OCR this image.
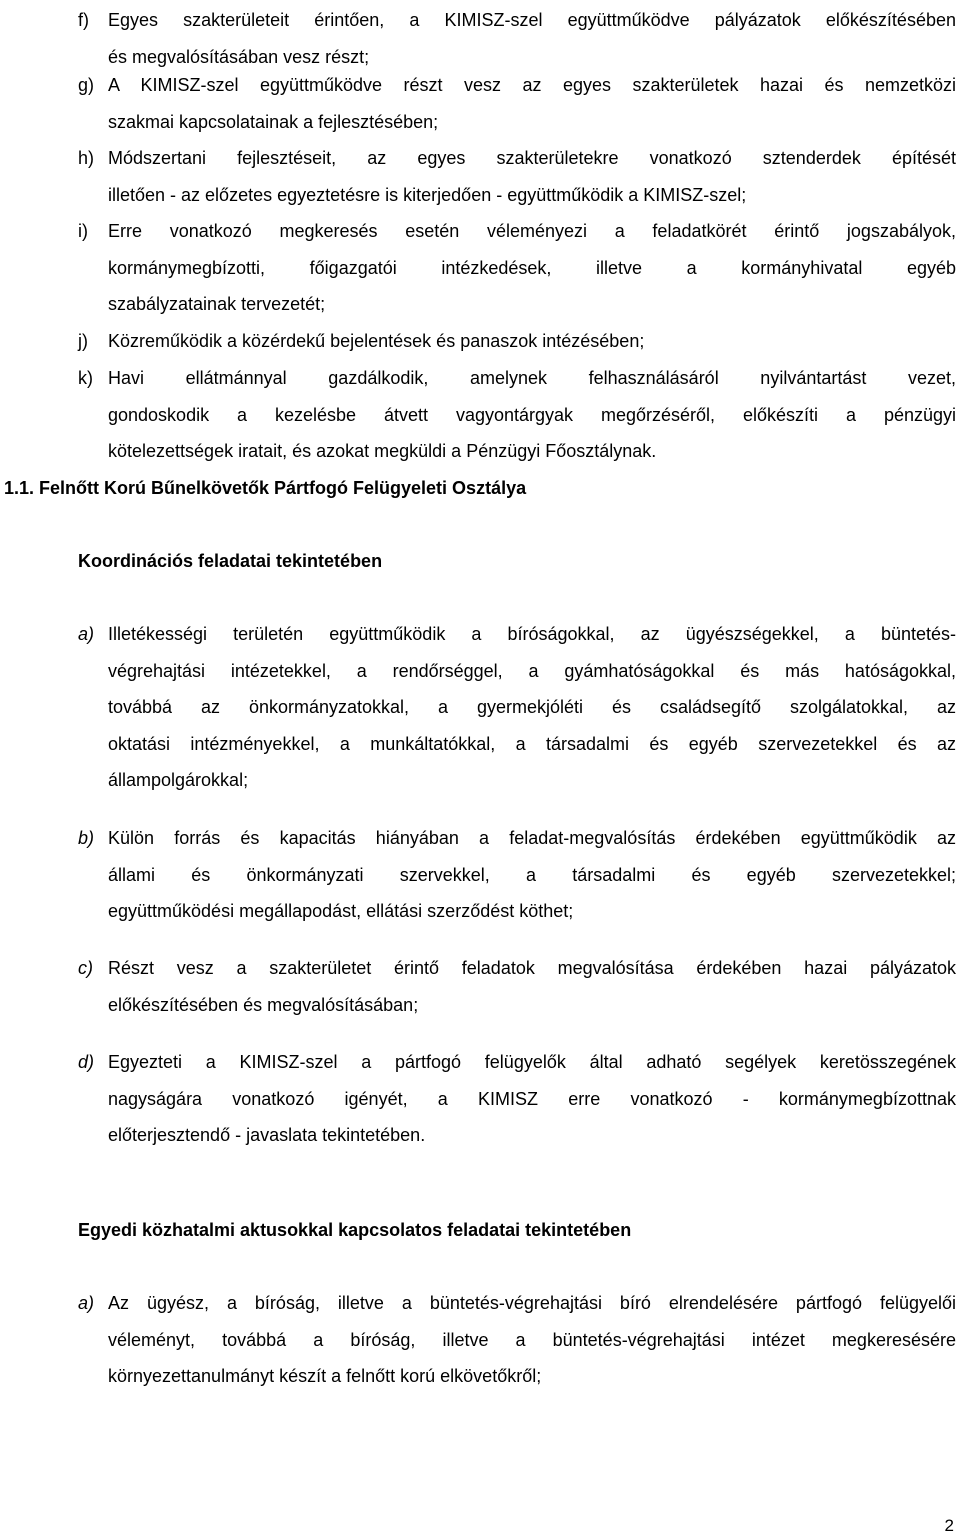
f)	Egyes szakterületeit érintően, a KIMISZ-szel együttműködve pályázatok előkészítésében
és megvalósításában vesz részt;
g) A KIMISZ-szel együttműködve részt vesz az egyes szakterületek hazai és nemzetközi
szakmai kapcsolatainak a fejlesztésében;
h) Módszertani fejlesztéseit, az egyes szakterületekre vonatkozó sztenderdek építését
illetően - az előzetes egyeztetésre is kiterjedően - együttműködik a KIMISZ-szel;
i)	Erre vonatkozó megkeresés esetén véleményezi a feladatkörét érintő jogszabályok,
kormánymegbízotti, főigazgatói intézkedések, illetve a kormányhivatal egyéb
szabályzatainak tervezetét;
j)	Közreműködik a közérdekű bejelentések és panaszok intézésében;
k) Havi ellátmánnyal gazdálkodik, amelynek felhasználásáról nyilvántartást vezet,
gondoskodik a kezelésbe átvett vagyontárgyak megőrzéséről, előkészíti a pénzügyi
kötelezettségek iratait, és azokat megküldi a Pénzügyi Főosztálynak.
1.1. Felnőtt Korú Bűnelkövetők Pártfogó Felügyeleti Osztálya
Koordinációs feladatai tekintetében
a) Illetékességi területén együttműködik a bíróságokkal, az ügyészségekkel, a büntetés-
végrehajtási intézetekkel, a rendőrséggel, a gyámhatóságokkal és más hatóságokkal,
továbbá az önkormányzatokkal, a gyermekjóléti és családsegítő szolgálatokkal, az
oktatási intézményekkel, a munkáltatókkal, a társadalmi és egyéb szervezetekkel és az
állampolgárokkal;
b) Külön forrás és kapacitás hiányában a feladat-megvalósítás érdekében együttműködik az
állami és önkormányzati szervekkel, a társadalmi és egyéb szervezetekkel;
együttműködési megállapodást, ellátási szerződést köthet;
c) Részt vesz a szakterületet érintő feladatok megvalósítása érdekében hazai pályázatok
előkészítésében és megvalósításában;
d) Egyezteti a KIMISZ-szel a pártfogó felügyelők által adható segélyek keretösszegének
nagyságára vonatkozó igényét, a KIMISZ erre vonatkozó - kormánymegbízottnak
előterjesztendő - javaslata tekintetében.
Egyedi közhatalmi aktusokkal kapcsolatos feladatai tekintetében
a) Az ügyész, a bíróság, illetve a büntetés-végrehajtási bíró elrendelésére pártfogó felügyelői
véleményt, továbbá a bíróság, illetve a büntetés-végrehajtási intézet megkeresésére
környezettanulmányt készít a felnőtt korú elkövetőkről;
2
